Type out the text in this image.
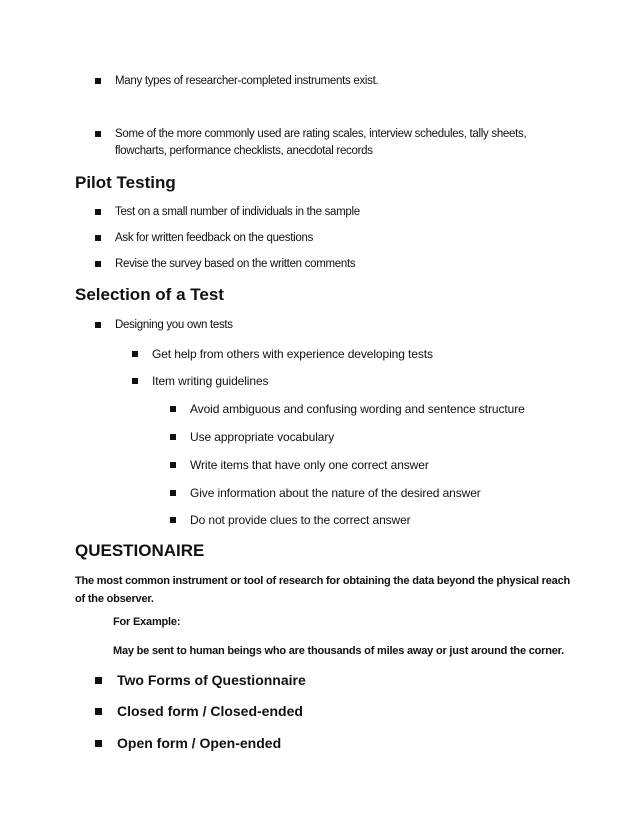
Many types of researcher-completed instruments exist.
Some of the more commonly used are rating scales, interview schedules, tally sheets, flowcharts, performance checklists, anecdotal records
Pilot Testing
Test on a small number of individuals in the sample
Ask for written feedback on the questions
Revise the survey based on the written comments
Selection of a Test
Designing you own tests
Get help from others with experience developing tests
Item writing guidelines
Avoid ambiguous and confusing wording and sentence structure
Use appropriate vocabulary
Write items that have only one correct answer
Give information about the nature of the desired answer
Do not provide clues to the correct answer
QUESTIONAIRE

The most common instrument or tool of research for obtaining the data beyond the physical reach of the observer.

For Example:

May be sent to human beings who are thousands of miles away or just around the corner.

Two Forms of Questionnaire
Closed form / Closed-ended
Open form / Open-ended
